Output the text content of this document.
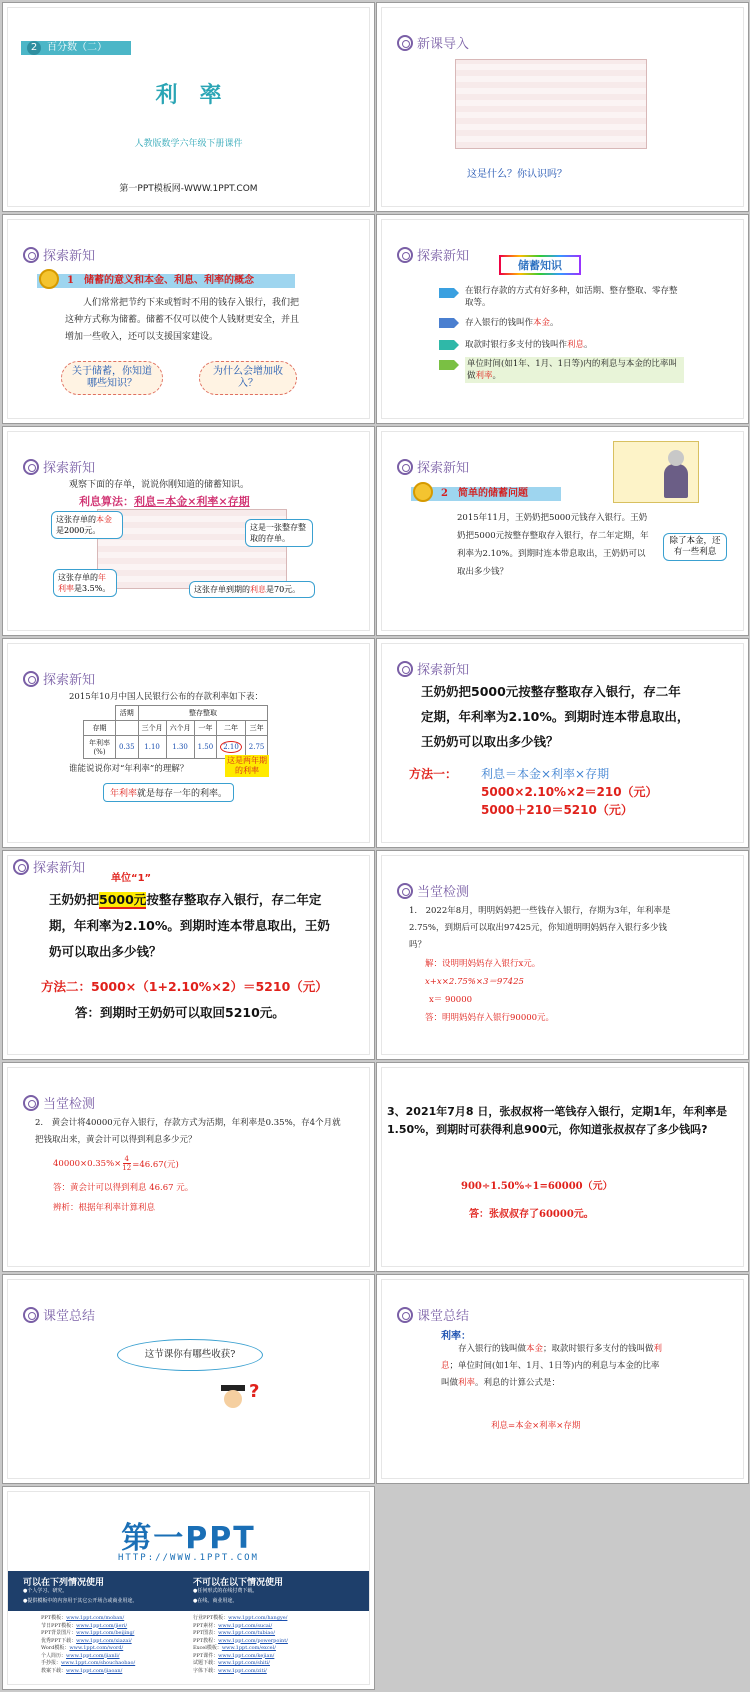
2 百分数（二）
利　率
人教版数学六年级下册课件
第一PPT模板网-WWW.1PPT.COM
新课导入
这是什么？你认识吗？
探索新知
1　储蓄的意义和本金、利息、利率的概念
人们常常把节约下来或暂时不用的钱存入银行，我们把这种方式称为储蓄。储蓄不仅可以使个人钱财更安全，并且增加一些收入，还可以支援国家建设。
关于储蓄，你知道哪些知识？
为什么会增加收入？
探索新知
储蓄知识
在银行存款的方式有好多种，如活期、整存整取、零存整取等。
存入银行的钱叫作本金。
取款时银行多支付的钱叫作利息。
单位时间(如1年、1月、1日等)内的利息与本金的比率叫做利率。
探索新知
观察下面的存单，说说你刚知道的储蓄知识。
利息算法：利息=本金×利率×存期
这张存单的本金是2000元。	这是一张整存整取的存单。
这张存单的年利率是3.5%。	这张存单到期的利息是70元。
探索新知
2　简单的储蓄问题
2015年11月，王奶奶把5000元钱存入银行。王奶奶把5000元按整存整取存入银行，存二年定期，年利率为2.10%。到期时连本带息取出，王奶奶可以取出多少钱？
除了本金，还有一些利息
探索新知
2015年10月中国人民银行公布的存款利率如下表：
	活期	整存整取				
存期		三个月	六个月	一年	二年	三年
年利率(%)	0.35	1.10	1.30	1.50	2.10	2.75
谁能说说你对“年利率”的理解？
这是两年期的利率
年利率就是每存一年的利率。
探索新知
王奶奶把5000元按整存整取存入银行，存二年定期，年利率为2.10%。到期时连本带息取出，王奶奶可以取出多少钱？
方法一： 利息＝本金×利率×存期
5000×2.10%×2＝210（元）
5000＋210＝5210（元）
探索新知
单位“1”
王奶奶把5000元按整存整取存入银行，存二年定期，年利率为2.10%。到期时连本带息取出，王奶奶可以取出多少钱？
方法二：5000×（1+2.10%×2）＝5210（元）
答：到期时王奶奶可以取回5210元。
当堂检测
1.　2022年8月，明明妈妈把一些钱存入银行，存期为3年，年利率是2.75%，到期后可以取出97425元，你知道明明妈妈存入银行多少钱吗？
解：设明明妈妈存入银行x元。
x+x×2.75%×3＝97425
x＝ 90000
答：明明妈妈存入银行90000元。
当堂检测
2.　黄会计将40000元存入银行，存款方式为活期，年利率是0.35%，存4个月就把钱取出来，黄会计可以得到利息多少元？
$40000\times 0.35\%\times \frac{4}{12} =46.67$(元)
答：黄会计可以得到利息 46.67 元。
辨析：根据年利率计算利息
3、2021年7月8 日，张叔叔将一笔钱存入银行，定期1年，年利率是1.50%，到期时可获得利息900元，你知道张叔叔存了多少钱吗?
900÷1.50%÷1=60000（元）
答：张叔叔存了60000元。
课堂总结
这节课你有哪些收获?
?
课堂总结
利率：
存入银行的钱叫做本金；取款时银行多支付的钱叫做利息；单位时间(如1年、1月、1日等)内的利息与本金的比率叫做利率。利息的计算公式是：
利息=本金×利率×存期
第一PPT
HTTP://WWW.1PPT.COM
可以在下列情况使用
●个人学习、研究。
●提供模板中的内容用于其它公开场合或商业用途。
不可以在以下情况使用
●任何形式的在线付费下载。
●在线、商业用途。
PPT模板：www.1ppt.com/moban/
节日PPT模板：www.1ppt.com/jieri/
PPT背景图片：www.1ppt.com/beijing/
优秀PPT下载：www.1ppt.com/xiazai/
Word模板：www.1ppt.com/word/
个人简历：www.1ppt.com/jianli/
手抄报：www.1ppt.com/shouchaobao/
教案下载：www.1ppt.com/jiaoan/
行业PPT模板：www.1ppt.com/hangye/
PPT素材：www.1ppt.com/sucai/
PPT图表：www.1ppt.com/tubiao/
PPT教程：www.1ppt.com/powerpoint/
Excel模板：www.1ppt.com/excel/
PPT课件：www.1ppt.com/kejian/
试题下载：www.1ppt.com/shiti/
字体下载：www.1ppt.com/ziti/
